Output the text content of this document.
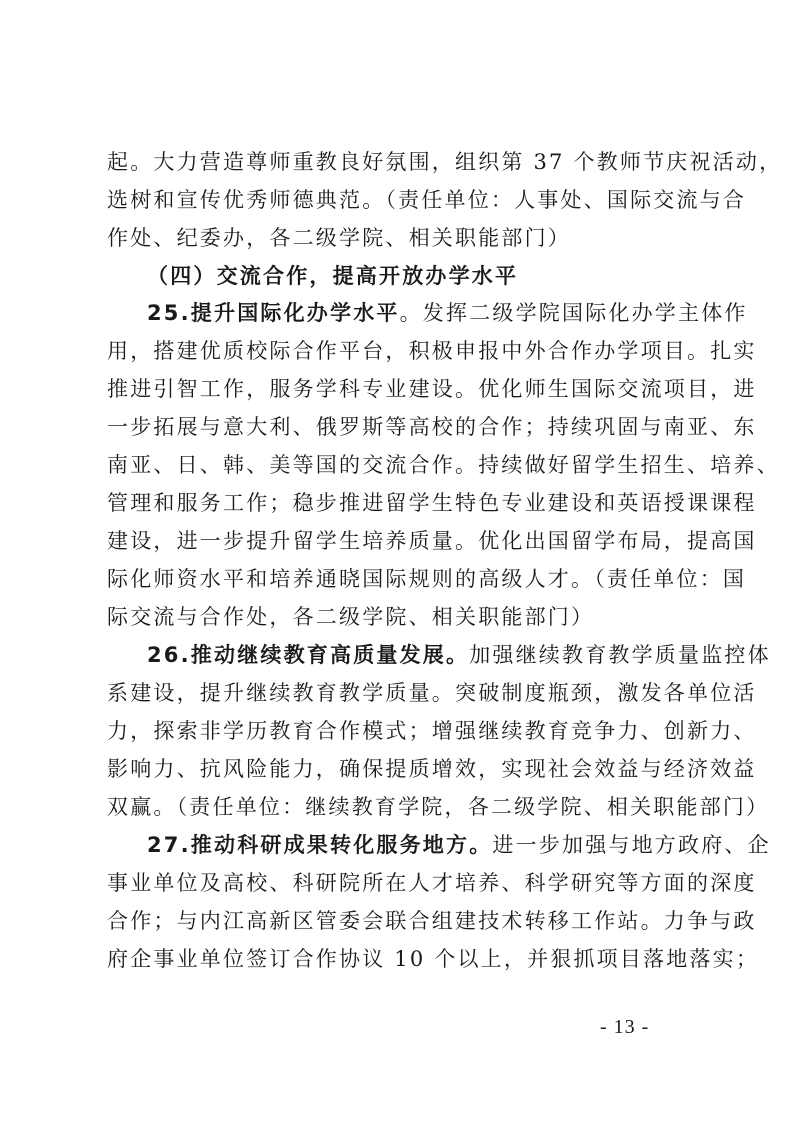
起。大力营造尊师重教良好氛围，组织第 37 个教师节庆祝活动，
选树和宣传优秀师德典范。（责任单位：人事处、国际交流与合
作处、纪委办，各二级学院、相关职能部门）
（四）交流合作，提高开放办学水平
25.提升国际化办学水平。发挥二级学院国际化办学主体作
用，搭建优质校际合作平台，积极申报中外合作办学项目。扎实
推进引智工作，服务学科专业建设。优化师生国际交流项目，进
一步拓展与意大利、俄罗斯等高校的合作；持续巩固与南亚、东
南亚、日、韩、美等国的交流合作。持续做好留学生招生、培养、
管理和服务工作；稳步推进留学生特色专业建设和英语授课课程
建设，进一步提升留学生培养质量。优化出国留学布局，提高国
际化师资水平和培养通晓国际规则的高级人才。（责任单位：国
际交流与合作处，各二级学院、相关职能部门）
26.推动继续教育高质量发展。加强继续教育教学质量监控体
系建设，提升继续教育教学质量。突破制度瓶颈，激发各单位活
力，探索非学历教育合作模式；增强继续教育竞争力、创新力、
影响力、抗风险能力，确保提质增效，实现社会效益与经济效益
双赢。（责任单位：继续教育学院，各二级学院、相关职能部门）
27.推动科研成果转化服务地方。进一步加强与地方政府、企
事业单位及高校、科研院所在人才培养、科学研究等方面的深度
合作；与内江高新区管委会联合组建技术转移工作站。力争与政
府企事业单位签订合作协议 10 个以上，并狠抓项目落地落实；
- 13 -
